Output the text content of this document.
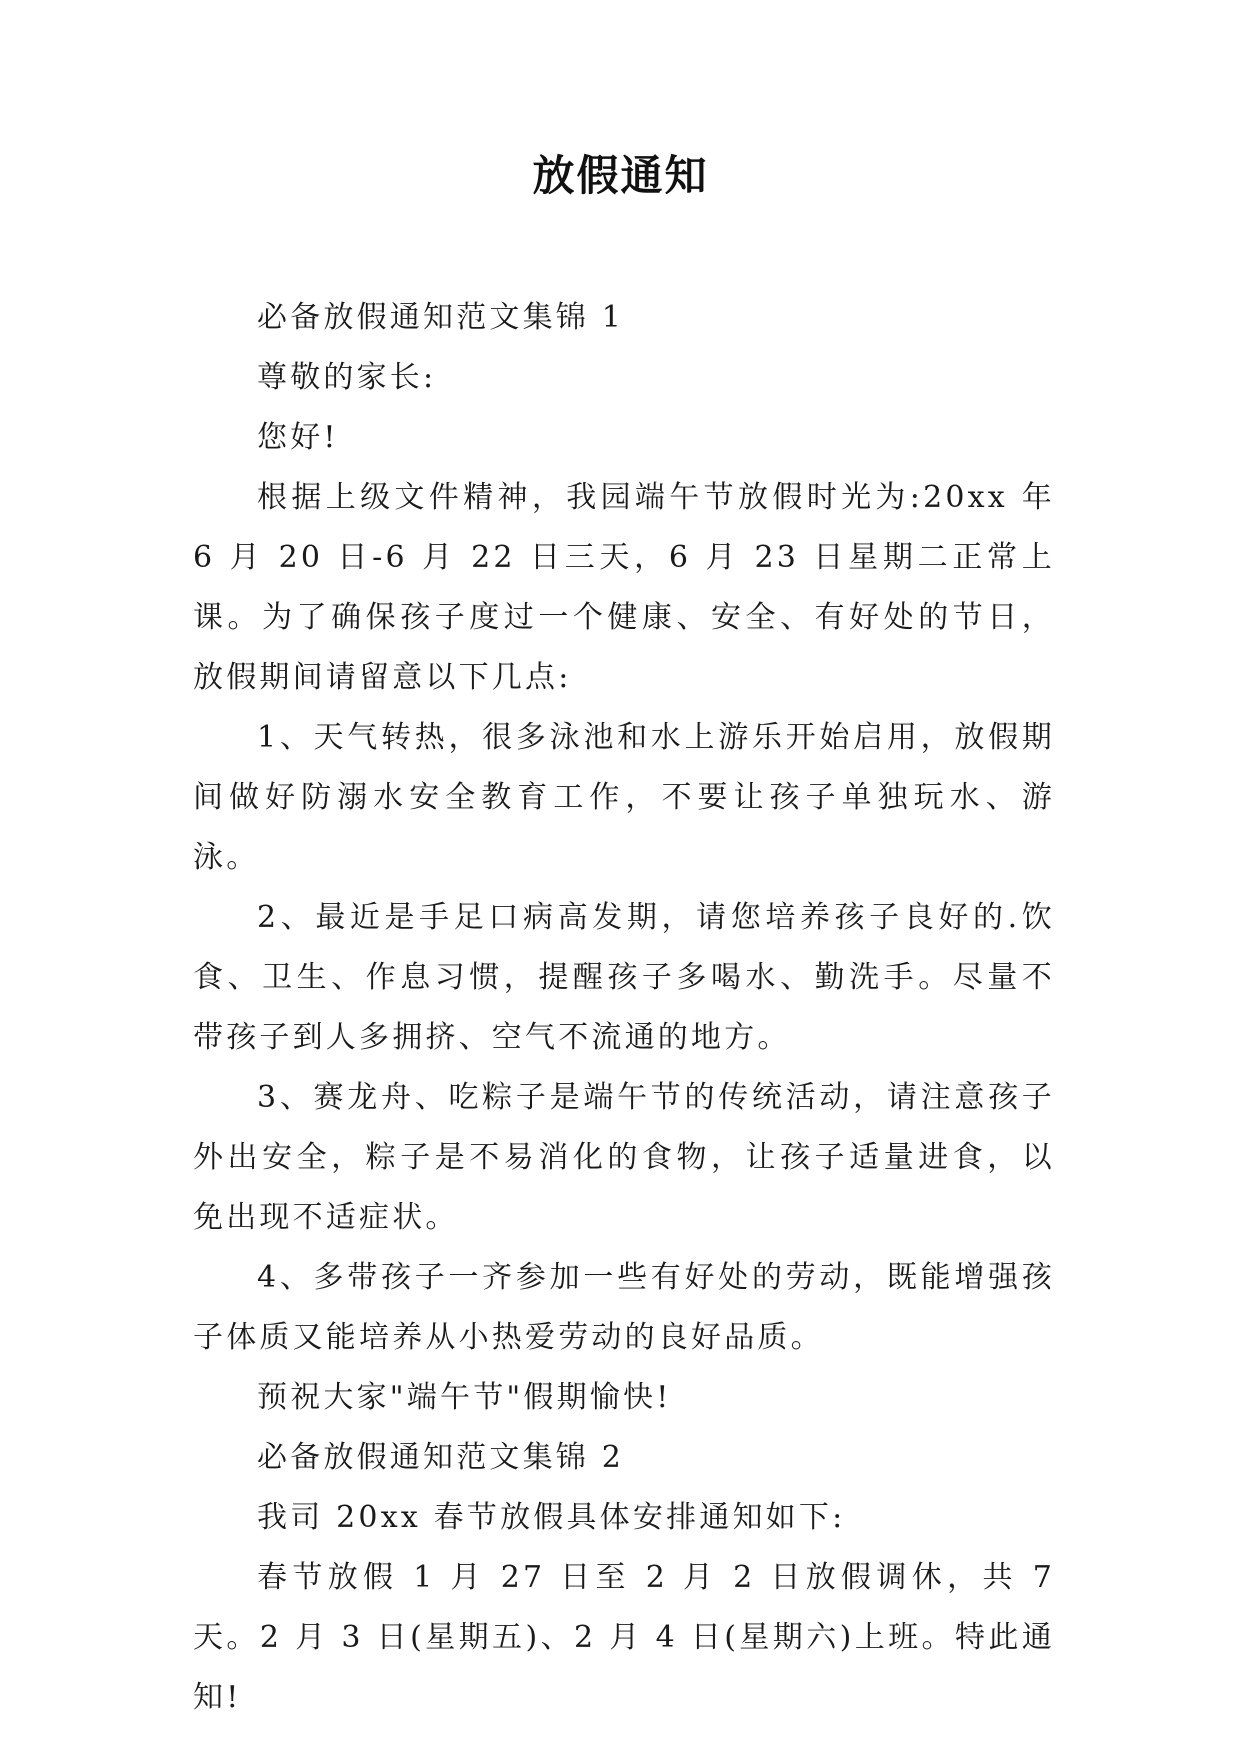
放假通知

必备放假通知范文集锦 1

尊敬的家长:

您好!

根据上级文件精神，我园端午节放假时光为:20xx 年 6 月 20 日-6 月 22 日三天，6 月 23 日星期二正常上课。为了确保孩子度过一个健康、安全、有好处的节日，放假期间请留意以下几点:

1、天气转热，很多泳池和水上游乐开始启用，放假期间做好防溺水安全教育工作，不要让孩子单独玩水、游泳。

2、最近是手足口病高发期，请您培养孩子良好的.饮食、卫生、作息习惯，提醒孩子多喝水、勤洗手。尽量不带孩子到人多拥挤、空气不流通的地方。

3、赛龙舟、吃粽子是端午节的传统活动，请注意孩子外出安全，粽子是不易消化的食物，让孩子适量进食，以免出现不适症状。

4、多带孩子一齐参加一些有好处的劳动，既能增强孩子体质又能培养从小热爱劳动的良好品质。

预祝大家"端午节"假期愉快!

必备放假通知范文集锦 2

我司 20xx 春节放假具体安排通知如下:

春节放假 1 月 27 日至 2 月 2 日放假调休，共 7 天。2 月 3 日(星期五)、2 月 4 日(星期六)上班。特此通知!
